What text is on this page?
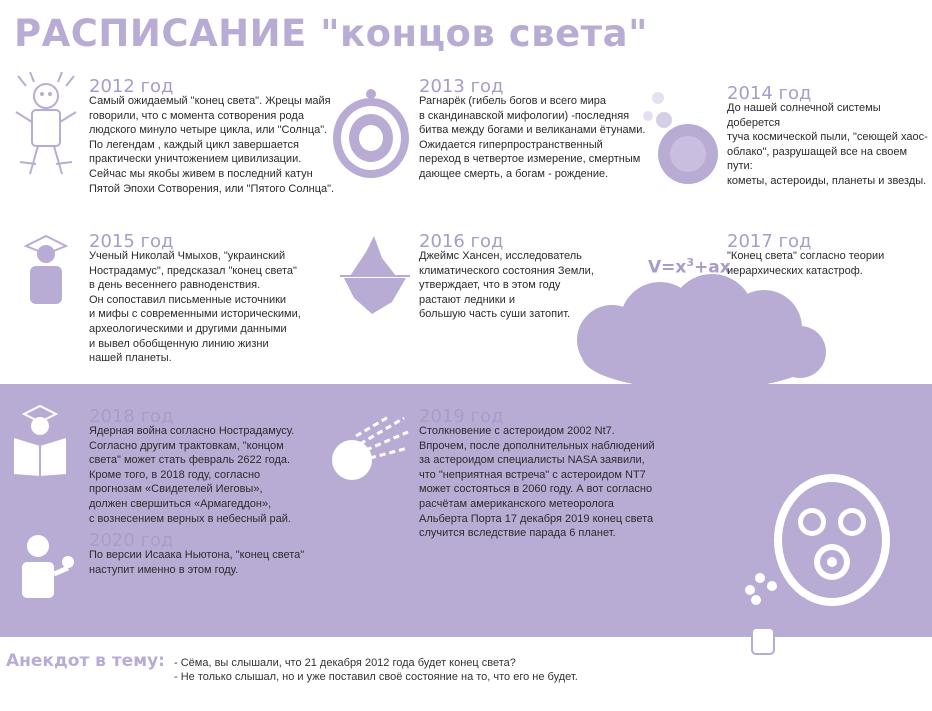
РАСПИСАНИЕ "концов света"
2012 год
Самый ожидаемый "конец света". Жрецы майя
говорили, что с момента сотворения рода
людского минуло четыре цикла, или "Солнца".
По легендам , каждый цикл завершается
практически уничтожением цивилизации.
Сейчас мы якобы живем в последний катун
Пятой Эпохи Сотворения, или "Пятого Солнца".
2013 год
Рагнарёк (гибель богов и всего мира
в скандинавской мифологии) -последняя
битва между богами и великанами ётунами.
Ожидается гиперпространственный
переход в четвертое измерение, смертным
дающее смерть, а богам - рождение.
2014 год
До нашей солнечной системы доберется
туча космической пыли, "сеющей хаос-
облако", разрушащей все на своем пути:
кометы, астероиды, планеты и звезды.
2015 год
Ученый Николай Чмыхов, "украинский
Нострадамус", предсказал "конец света"
в день весеннего равноденствия.
Он сопоставил письменные источники
и мифы с современными историческими,
археологическими и другими данными
и вывел обобщенную линию жизни
нашей планеты.
2016 год
Джеймс Хансен, исследователь
климатического состояния Земли,
утверждает, что в этом году
растают ледники и
большую часть суши затопит.
$V=x^3+ax$
2017 год
"Конец света" согласно теории
иерархических катастроф.
2018 год
Ядерная война согласно Нострадамусу.
Согласно другим трактовкам, "концом
света" может стать февраль 2622 года.
Кроме того, в 2018 году, согласно
прогнозам «Свидетелей Иеговы»,
должен свершиться «Армагеддон»,
с вознесением верных в небесный рай.
2019 год
Столкновение с астероидом 2002 Nt7.
Впрочем, после дополнительных наблюдений
за астероидом специалисты NASA заявили,
что "неприятная встреча" с астероидом NT7
может состояться в 2060 году. А вот согласно
расчётам американского метеоролога
Альберта Порта 17 декабря 2019 конец света
случится вследствие парада 6 планет.
2020 год
По версии Исаака Ньютона, "конец света"
наступит именно в этом году.
Анекдот в тему: - Сёма, вы слышали, что 21 декабря 2012 года будет конец света?
- Не только слышал, но и уже поставил своё состояние на то, что его не будет.	www.cgnf.ru
